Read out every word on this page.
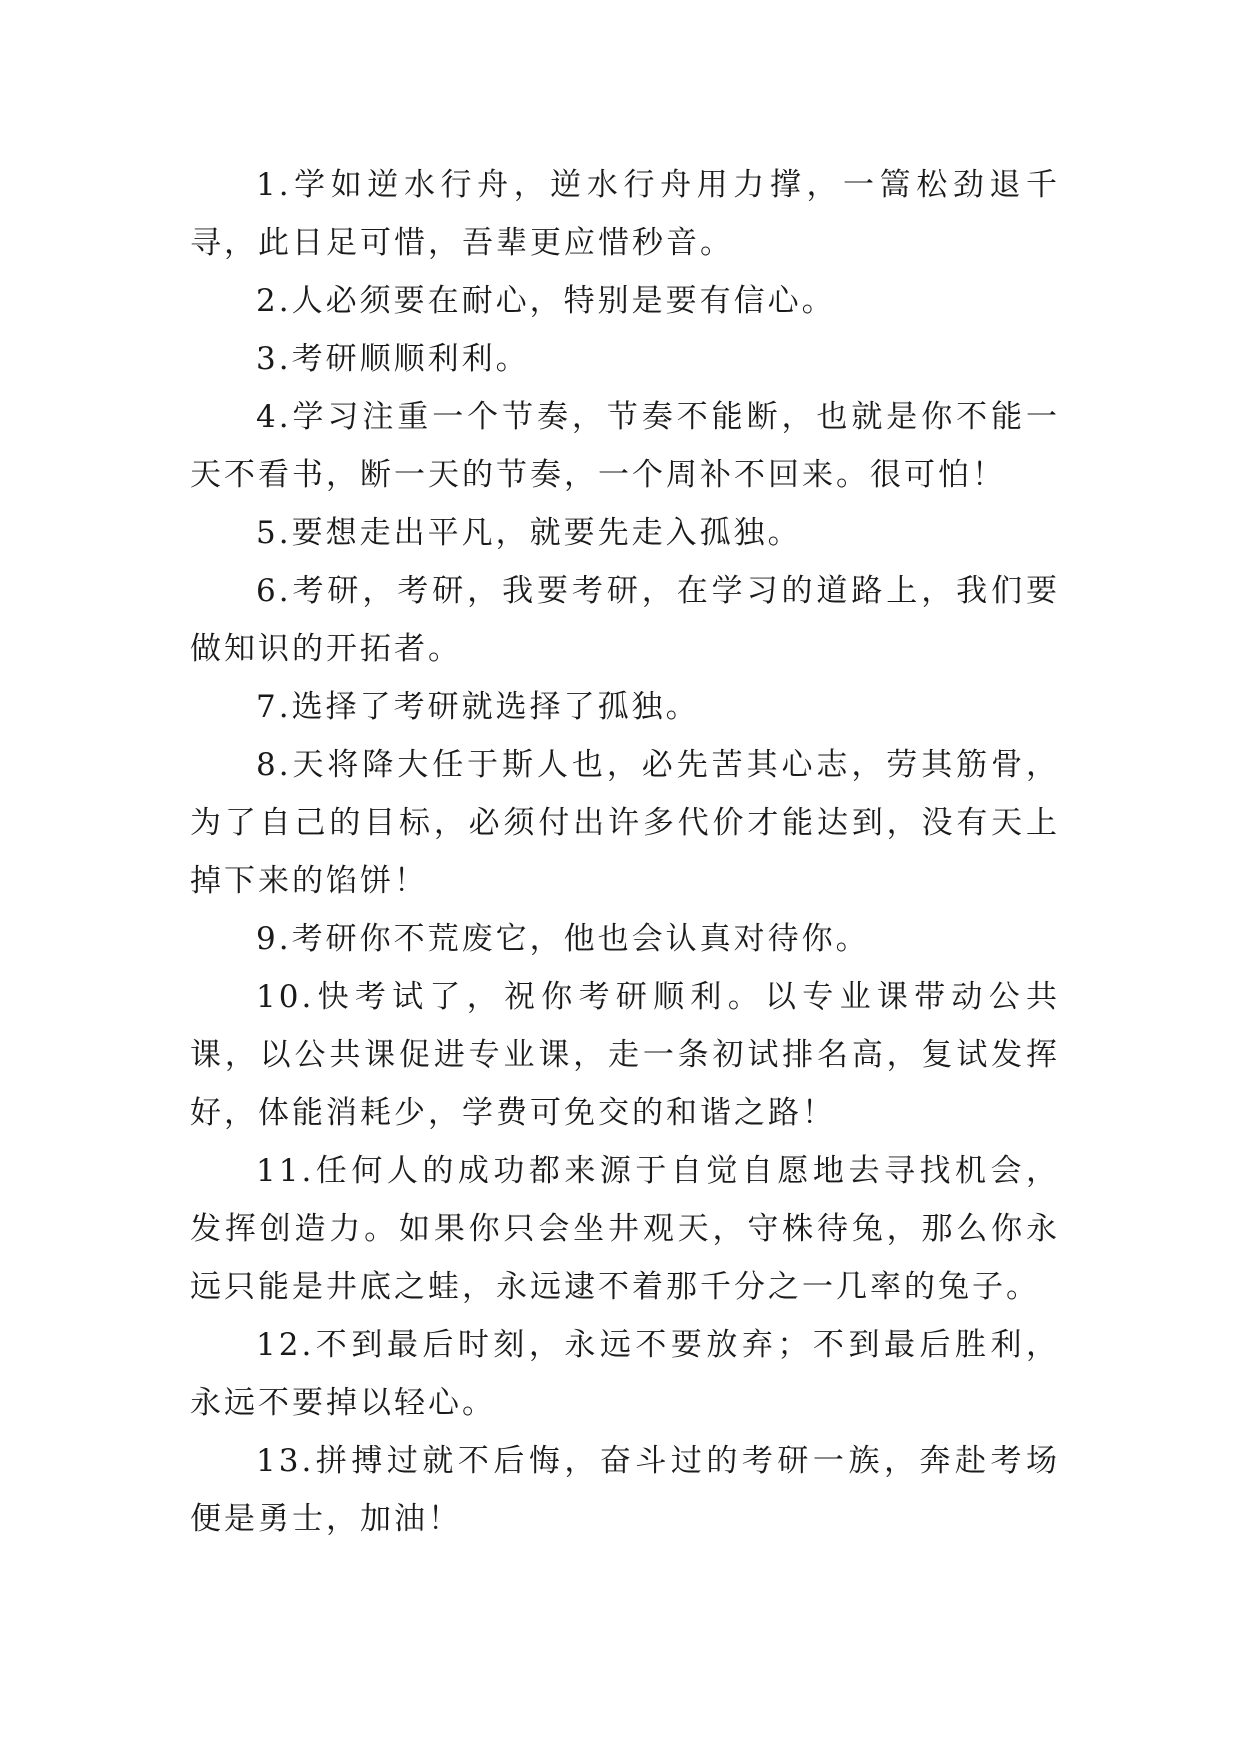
1.学如逆水行舟，逆水行舟用力撑，一篙松劲退千寻，此日足可惜，吾辈更应惜秒音。

2.人必须要在耐心，特别是要有信心。

3.考研顺顺利利。

4.学习注重一个节奏，节奏不能断，也就是你不能一天不看书，断一天的节奏，一个周补不回来。很可怕！

5.要想走出平凡，就要先走入孤独。

6.考研，考研，我要考研，在学习的道路上，我们要做知识的开拓者。

7.选择了考研就选择了孤独。

8.天将降大任于斯人也，必先苦其心志，劳其筋骨，为了自己的目标，必须付出许多代价才能达到，没有天上掉下来的馅饼！

9.考研你不荒废它，他也会认真对待你。

10.快考试了，祝你考研顺利。以专业课带动公共课，以公共课促进专业课，走一条初试排名高，复试发挥好，体能消耗少，学费可免交的和谐之路！

11.任何人的成功都来源于自觉自愿地去寻找机会，发挥创造力。如果你只会坐井观天，守株待兔，那么你永远只能是井底之蛙，永远逮不着那千分之一几率的兔子。

12.不到最后时刻，永远不要放弃；不到最后胜利，永远不要掉以轻心。

13.拼搏过就不后悔，奋斗过的考研一族，奔赴考场便是勇士，加油！
